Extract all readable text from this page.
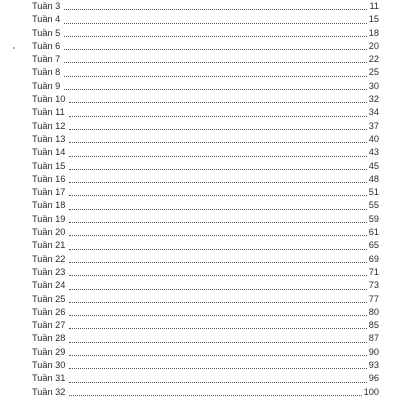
Tuần 3	11
Tuần 4	15
Tuần 5	18
Tuần 6	20
Tuần 7	22
Tuần 8	25
Tuần 9	30
Tuần 10	32
Tuần 11	34
Tuần 12	37
Tuần 13	40
Tuần 14	43
Tuần 15	45
Tuần 16	48
Tuần 17	51
Tuần 18	55
Tuần 19	59
Tuần 20	61
Tuần 21	65
Tuần 22	69
Tuần 23	71
Tuần 24	73
Tuần 25	77
Tuần 26	80
Tuần 27	85
Tuần 28	87
Tuần 29	90
Tuần 30	93
Tuần 31	96
Tuần 32	100
